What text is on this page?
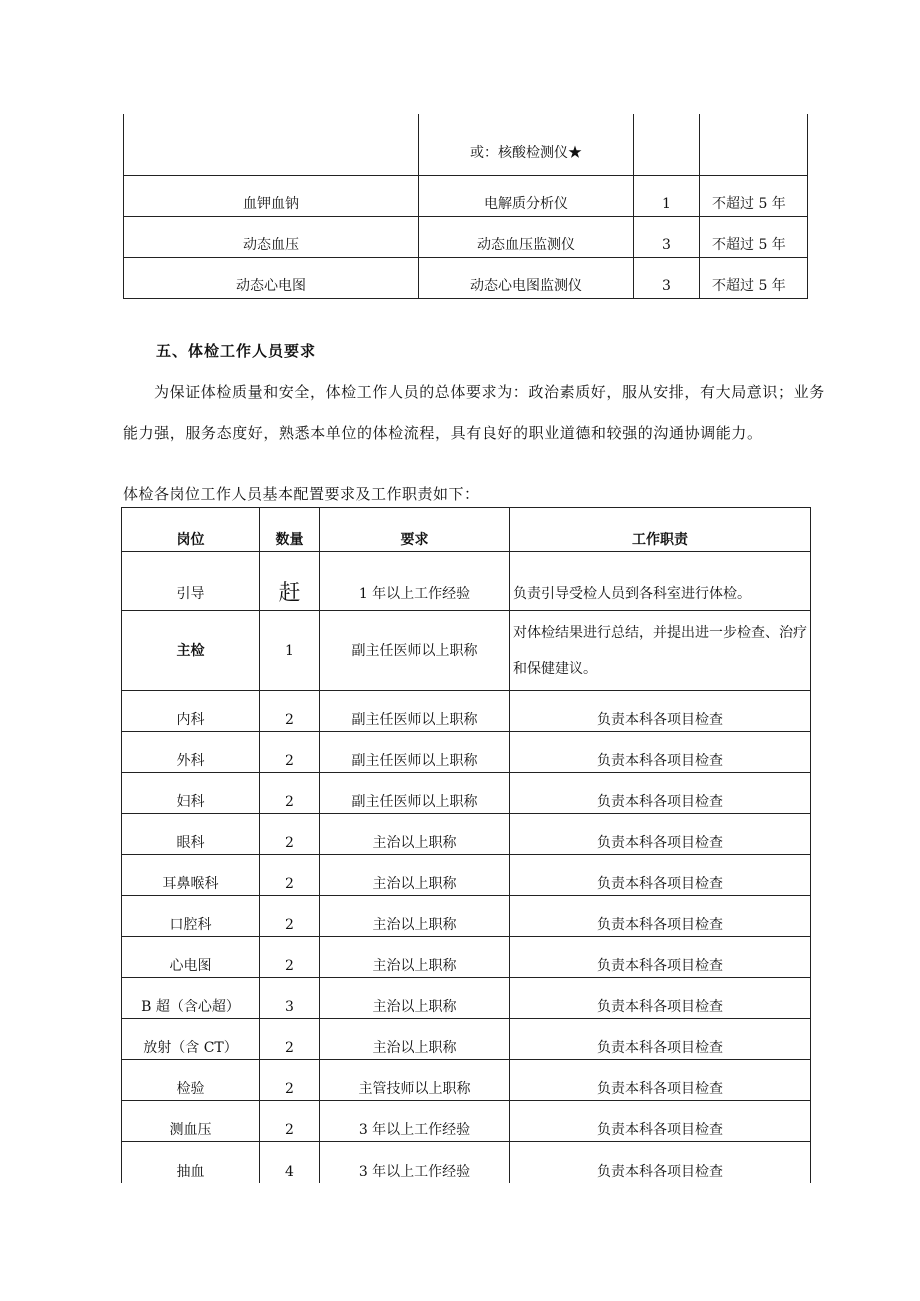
	或：核酸检测仪★		
血钾血钠	电解质分析仪	1	不超过 5 年
动态血压	动态血压监测仪	3	不超过 5 年
动态心电图	动态心电图监测仪	3	不超过 5 年
五、体检工作人员要求
为保证体检质量和安全，体检工作人员的总体要求为：政治素质好，服从安排，有大局意识；业务能力强，服务态度好，熟悉本单位的体检流程，具有良好的职业道德和较强的沟通协调能力。
体检各岗位工作人员基本配置要求及工作职责如下：
岗位	数量	要求	工作职责
引导	赶	1 年以上工作经验	负责引导受检人员到各科室进行体检。
主检	1	副主任医师以上职称	对体检结果进行总结，并提出进一步检查、治疗和保健建议。
内科	2	副主任医师以上职称	负责本科各项目检查
外科	2	副主任医师以上职称	负责本科各项目检查
妇科	2	副主任医师以上职称	负责本科各项目检查
眼科	2	主治以上职称	负责本科各项目检查
耳鼻喉科	2	主治以上职称	负责本科各项目检查
口腔科	2	主治以上职称	负责本科各项目检查
心电图	2	主治以上职称	负责本科各项目检查
B 超（含心超）	3	主治以上职称	负责本科各项目检查
放射（含 CT）	2	主治以上职称	负责本科各项目检查
检验	2	主管技师以上职称	负责本科各项目检查
测血压	2	3 年以上工作经验	负责本科各项目检查
抽血	4	3 年以上工作经验	负责本科各项目检查
